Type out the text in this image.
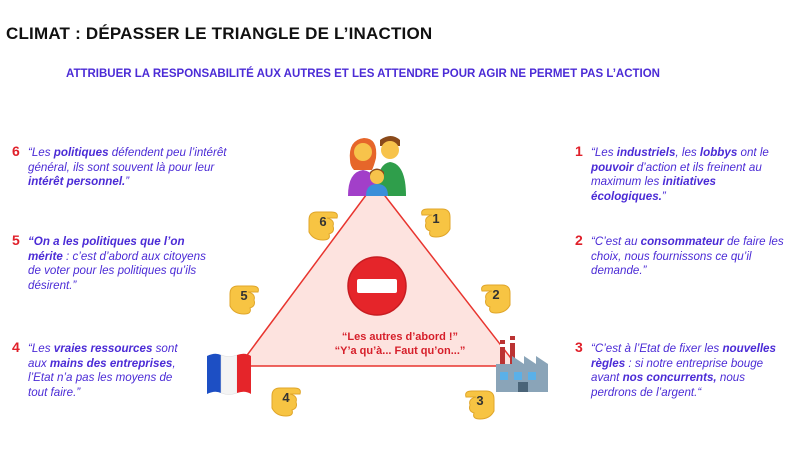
CLIMAT : DÉPASSER LE TRIANGLE DE L’INACTION
ATTRIBUER LA RESPONSABILITÉ AUX AUTRES ET LES ATTENDRE POUR AGIR NE PERMET PAS L’ACTION
“Les autres d’abord !”
“Y’a qu’à... Faut qu’on...”
6	1
5	2
4	3
6 “Les politiques défendent peu l’intérêt général, ils sont souvent là pour leur intérêt personnel.”
5 “On a les politiques que l’on mérite : c’est d’abord aux citoyens de voter pour les politiques qu’ils désirent.”
4 “Les vraies ressources sont aux mains des entreprises, l’Etat n’a pas les moyens de tout faire.”
1 “Les industriels, les lobbys ont le pouvoir d’action et ils freinent au maximum les initiatives écologiques.”
2 “C’est au consommateur de faire les choix, nous fournissons ce qu’il demande.”
3 “C’est à l’Etat de fixer les nouvelles règles : si notre entreprise bouge avant nos concurrents, nous perdrons de l’argent.“
